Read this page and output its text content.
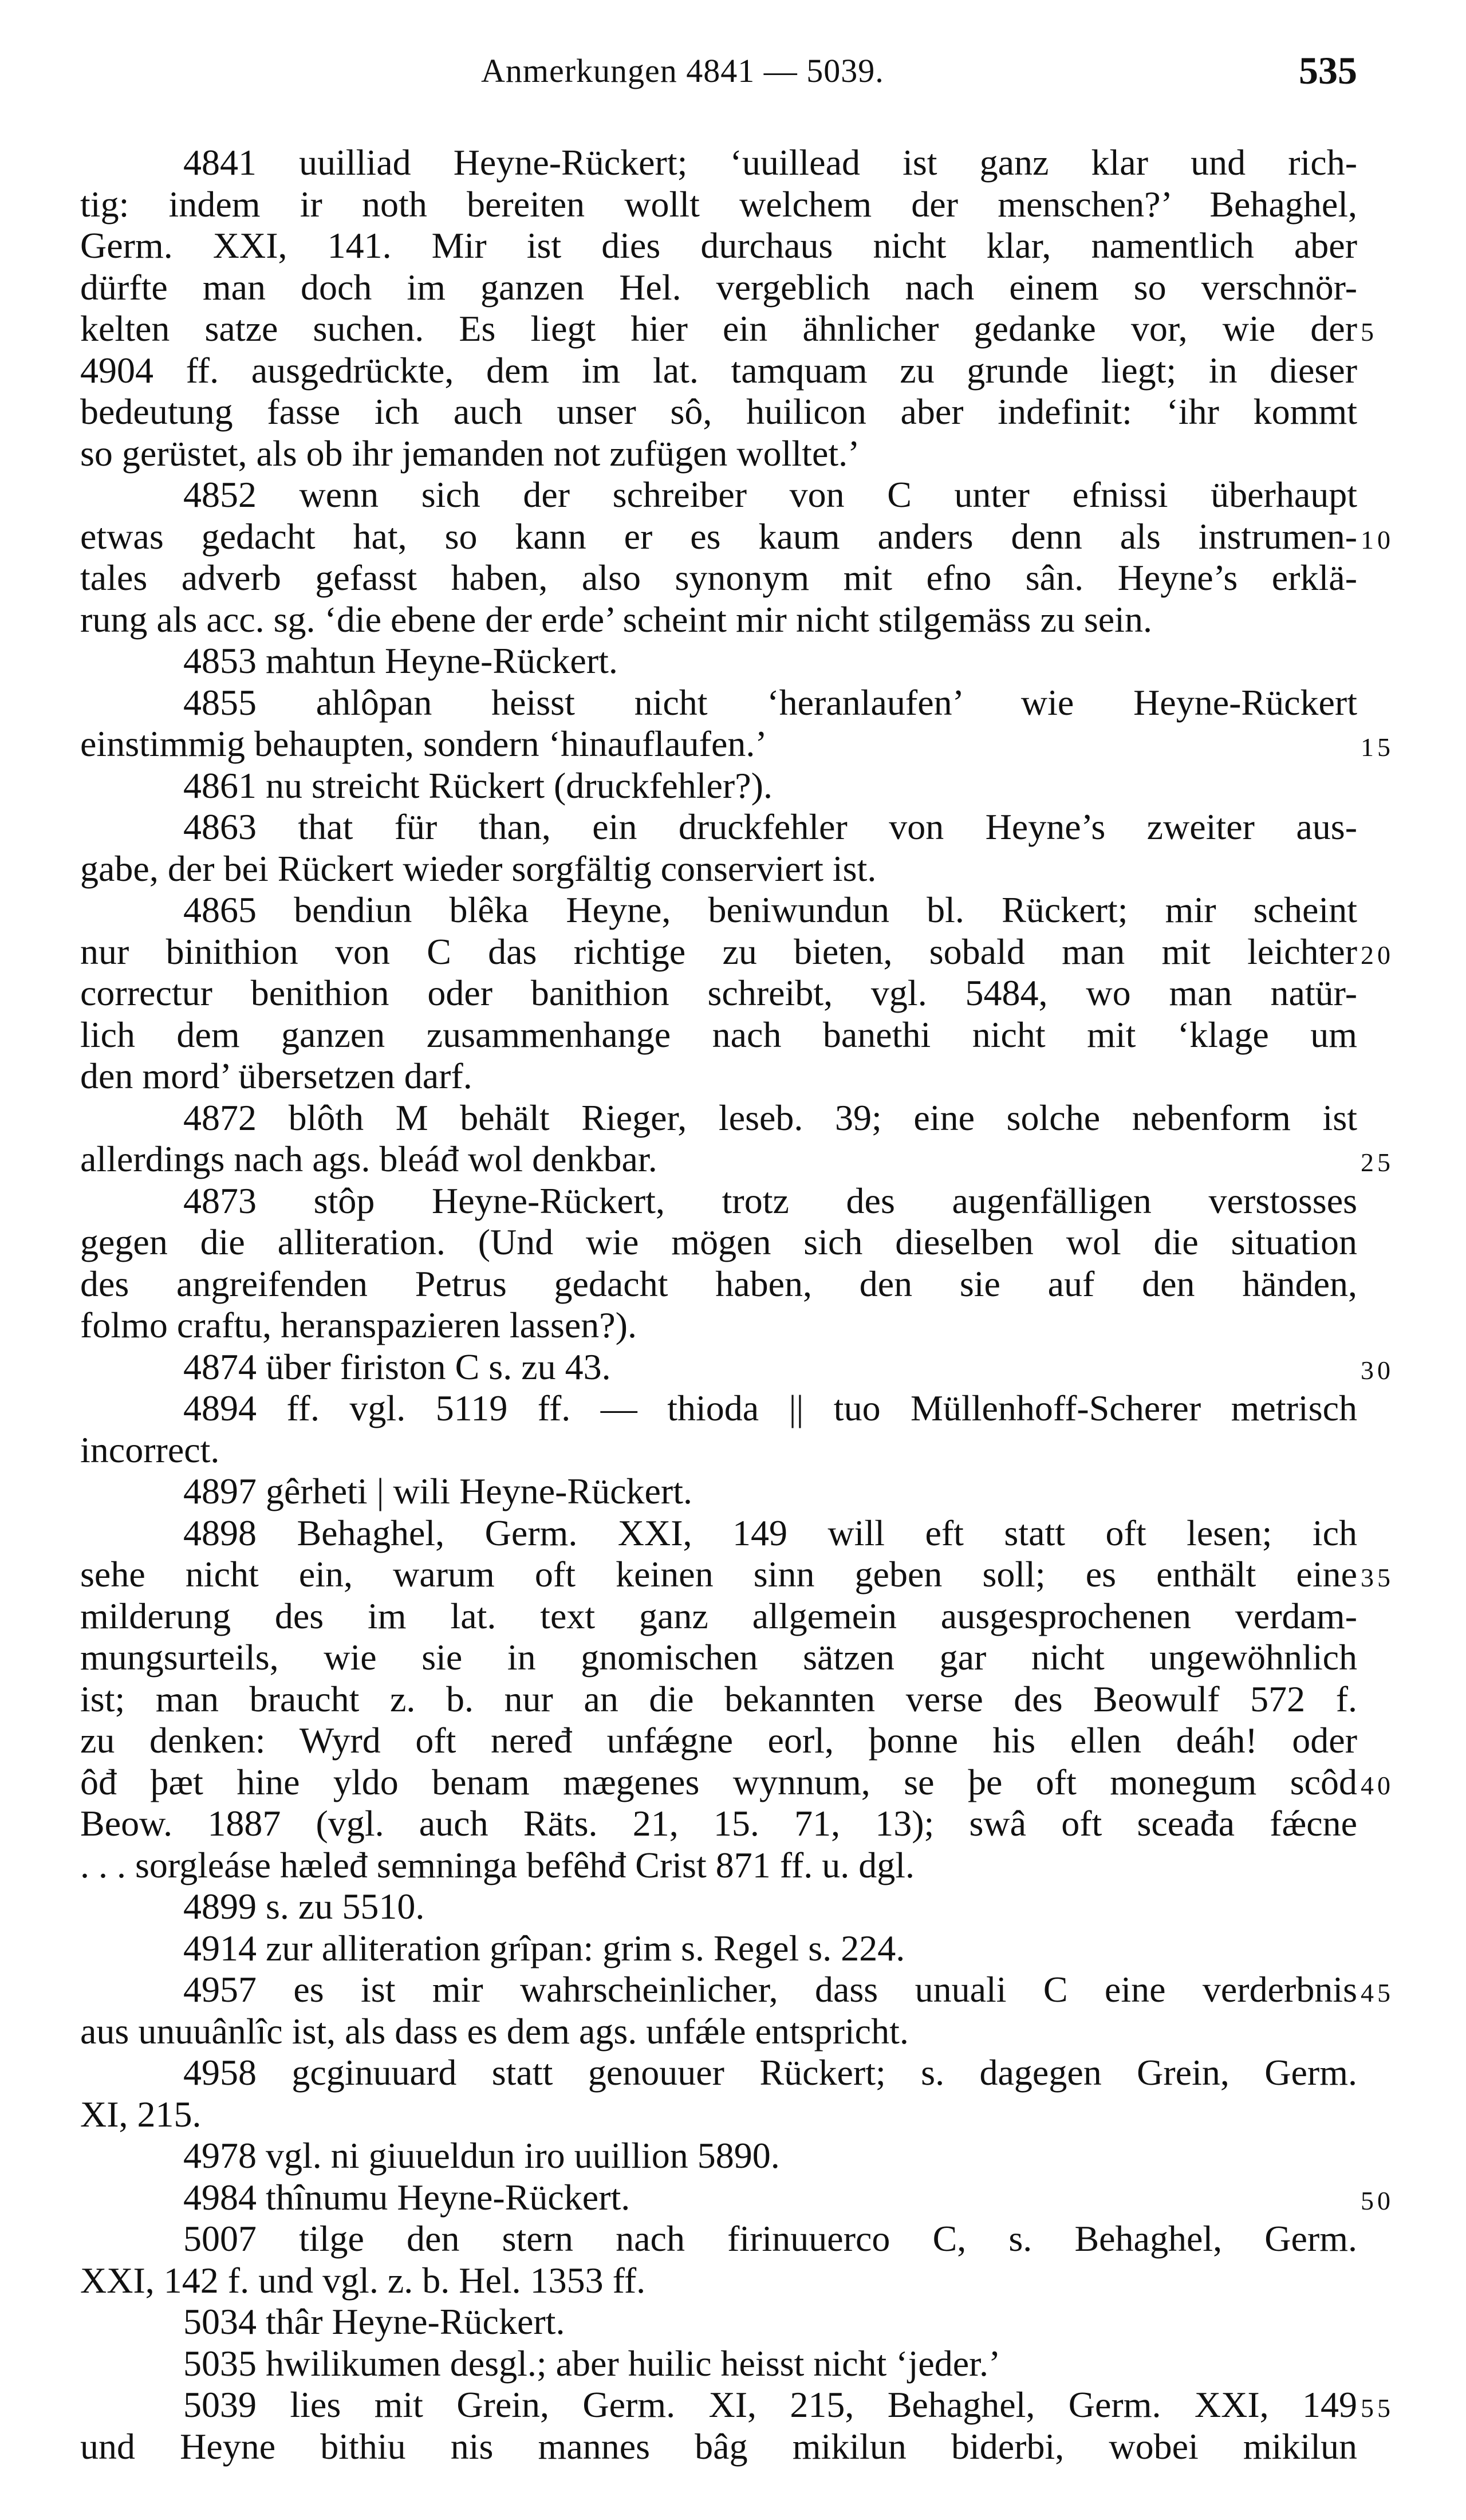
Anmerkungen 4841 — 5039.	535
4841 uuilliad Heyne-Rückert; ‘uuillead ist ganz klar und rich-
tig: indem ir noth bereiten wollt welchem der menschen?’ Behaghel,
Germ. XXI, 141. Mir ist dies durchaus nicht klar, namentlich aber
dürfte man doch im ganzen Hel. vergeblich nach einem so verschnör-
kelten satze suchen. Es liegt hier ein ähnlicher gedanke vor, wie der
4904 ff. ausgedrückte, dem im lat. tamquam zu grunde liegt; in dieser
bedeutung fasse ich auch unser sô, huilicon aber indefinit: ‘ihr kommt
so gerüstet, als ob ihr jemanden not zufügen wolltet.’
4852 wenn sich der schreiber von C unter efnissi überhaupt
etwas gedacht hat, so kann er es kaum anders denn als instrumen-
tales adverb gefasst haben, also synonym mit efno sân. Heyne’s erklä-
rung als acc. sg. ‘die ebene der erde’ scheint mir nicht stilgemäss zu sein.
4853 mahtun Heyne-Rückert.
4855 ahlôpan heisst nicht ‘heranlaufen’ wie Heyne-Rückert
einstimmig behaupten, sondern ‘hinauflaufen.’
4861 nu streicht Rückert (druckfehler?).
4863 that für than, ein druckfehler von Heyne’s zweiter aus-
gabe, der bei Rückert wieder sorgfältig conserviert ist.
4865 bendiun blêka Heyne, beniwundun bl. Rückert; mir scheint
nur binithion von C das richtige zu bieten, sobald man mit leichter
correctur benithion oder banithion schreibt, vgl. 5484, wo man natür-
lich dem ganzen zusammenhange nach banethi nicht mit ‘klage um
den mord’ übersetzen darf.
4872 blôth M behält Rieger, leseb. 39; eine solche nebenform ist
allerdings nach ags. bleáđ wol denkbar.
4873 stôp Heyne-Rückert, trotz des augenfälligen verstosses
gegen die alliteration. (Und wie mögen sich dieselben wol die situation
des angreifenden Petrus gedacht haben, den sie auf den händen,
folmo craftu, heranspazieren lassen?).
4874 über firiston C s. zu 43.
4894 ff. vgl. 5119 ff. — thioda || tuo Müllenhoff-Scherer metrisch
incorrect.
4897 gêrheti | wili Heyne-Rückert.
4898 Behaghel, Germ. XXI, 149 will eft statt oft lesen; ich
sehe nicht ein, warum oft keinen sinn geben soll; es enthält eine
milderung des im lat. text ganz allgemein ausgesprochenen verdam-
mungsurteils, wie sie in gnomischen sätzen gar nicht ungewöhnlich
ist; man braucht z. b. nur an die bekannten verse des Beowulf 572 f.
zu denken: Wyrd oft neređ unfǽgne eorl, þonne his ellen deáh! oder
ôđ þæt hine yldo benam mægenes wynnum, se þe oft monegum scôd
Beow. 1887 (vgl. auch Räts. 21, 15. 71, 13); swâ oft sceađa fǽcne
. . . sorgleáse hæleđ semninga befêhđ Crist 871 ff. u. dgl.
4899 s. zu 5510.
4914 zur alliteration grîpan: grim s. Regel s. 224.
4957 es ist mir wahrscheinlicher, dass unuali C eine verderbnis
aus unuuânlîc ist, als dass es dem ags. unfǽle entspricht.
4958 gcginuuard statt genouuer Rückert; s. dagegen Grein, Germ.
XI, 215.
4978 vgl. ni giuueldun iro uuillion 5890.
4984 thînumu Heyne-Rückert.
5007 tilge den stern nach firinuuerco C, s. Behaghel, Germ.
XXI, 142 f. und vgl. z. b. Hel. 1353 ff.
5034 thâr Heyne-Rückert.
5035 hwilikumen desgl.; aber huilic heisst nicht ‘jeder.’
5039 lies mit Grein, Germ. XI, 215, Behaghel, Germ. XXI, 149
und Heyne bithiu nis mannes bâg mikilun biderbi, wobei mikilun
5
10
15
20
25
30
35
40
45
50
55
